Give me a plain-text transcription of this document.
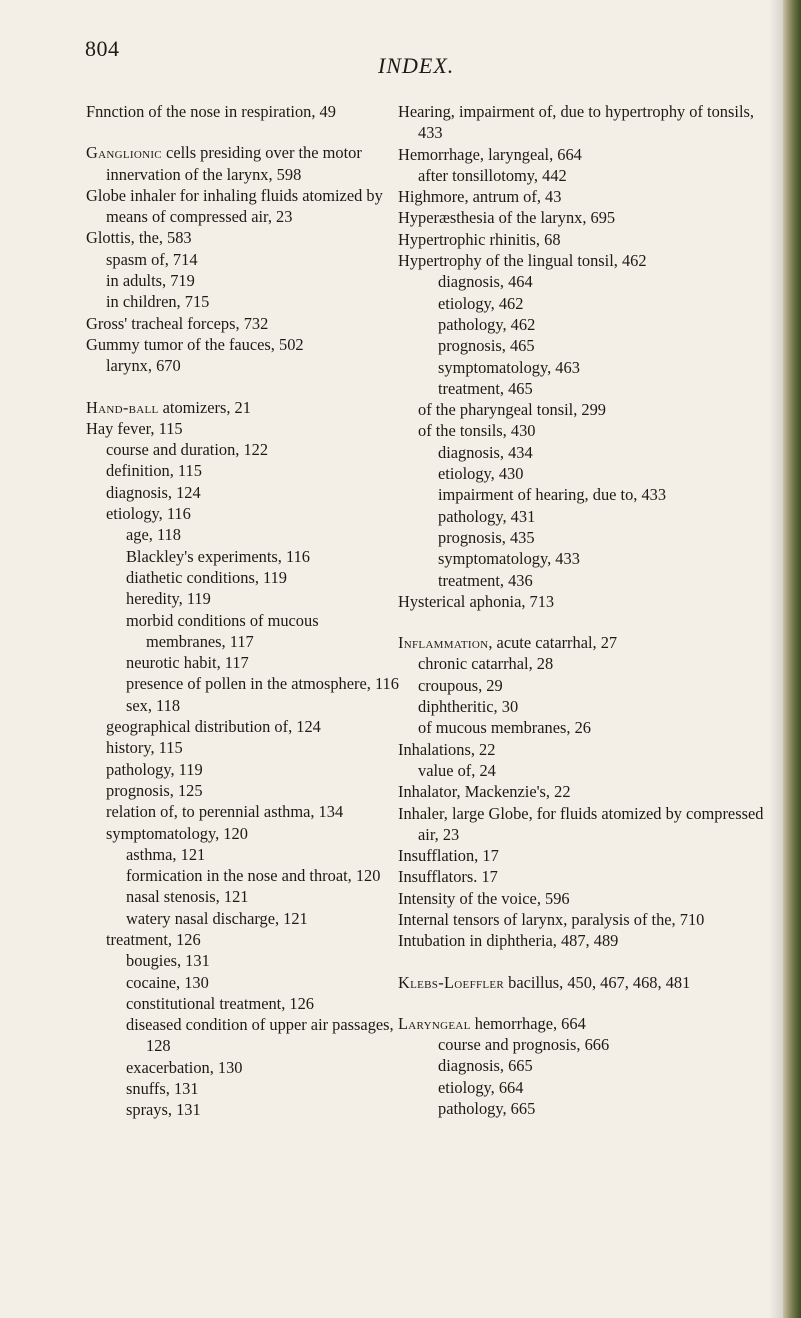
804
INDEX.
Fnnction of the nose in respiration, 49
Ganglionic cells presiding over the motor innervation of the larynx, 598
Globe inhaler for inhaling fluids atomized by means of compressed air, 23
Glottis, the, 583
spasm of, 714
in adults, 719
in children, 715
Gross' tracheal forceps, 732
Gummy tumor of the fauces, 502
larynx, 670
Hand-ball atomizers, 21
Hay fever, 115
course and duration, 122
definition, 115
diagnosis, 124
etiology, 116
age, 118
Blackley's experiments, 116
diathetic conditions, 119
heredity, 119
morbid conditions of mucous membranes, 117
neurotic habit, 117
presence of pollen in the atmosphere, 116
sex, 118
geographical distribution of, 124
history, 115
pathology, 119
prognosis, 125
relation of, to perennial asthma, 134
symptomatology, 120
asthma, 121
formication in the nose and throat, 120
nasal stenosis, 121
watery nasal discharge, 121
treatment, 126
bougies, 131
cocaine, 130
constitutional treatment, 126
diseased condition of upper air passages, 128
exacerbation, 130
snuffs, 131
sprays, 131
Hearing, impairment of, due to hypertrophy of tonsils, 433
Hemorrhage, laryngeal, 664
after tonsillotomy, 442
Highmore, antrum of, 43
Hyperæsthesia of the larynx, 695
Hypertrophic rhinitis, 68
Hypertrophy of the lingual tonsil, 462
diagnosis, 464
etiology, 462
pathology, 462
prognosis, 465
symptomatology, 463
treatment, 465
of the pharyngeal tonsil, 299
of the tonsils, 430
diagnosis, 434
etiology, 430
impairment of hearing, due to, 433
pathology, 431
prognosis, 435
symptomatology, 433
treatment, 436
Hysterical aphonia, 713
Inflammation, acute catarrhal, 27
chronic catarrhal, 28
croupous, 29
diphtheritic, 30
of mucous membranes, 26
Inhalations, 22
value of, 24
Inhalator, Mackenzie's, 22
Inhaler, large Globe, for fluids atomized by compressed air, 23
Insufflation, 17
Insufflators. 17
Intensity of the voice, 596
Internal tensors of larynx, paralysis of the, 710
Intubation in diphtheria, 487, 489
Klebs-Loeffler bacillus, 450, 467, 468, 481
Laryngeal hemorrhage, 664
course and prognosis, 666
diagnosis, 665
etiology, 664
pathology, 665
